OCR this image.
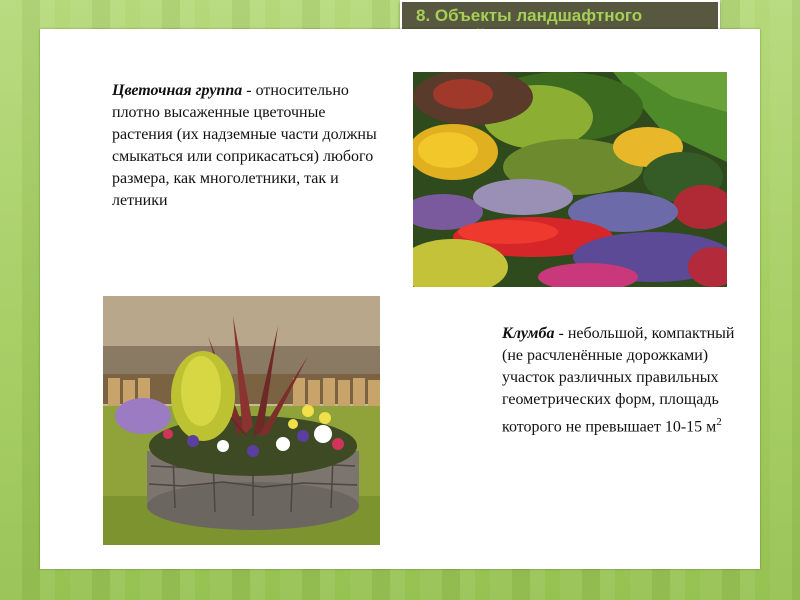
8. Объекты ландшафтного
Цветочная группа - относительно плотно высаженные цветочные растения (их надземные части должны смыкаться или соприкасаться) любого размера, как многолетники, так и летники
Клумба - небольшой, компактный (не расчленённые дорожками) участок различных правильных геометрических форм, площадь которого не превышает 10-15 $м^2$
